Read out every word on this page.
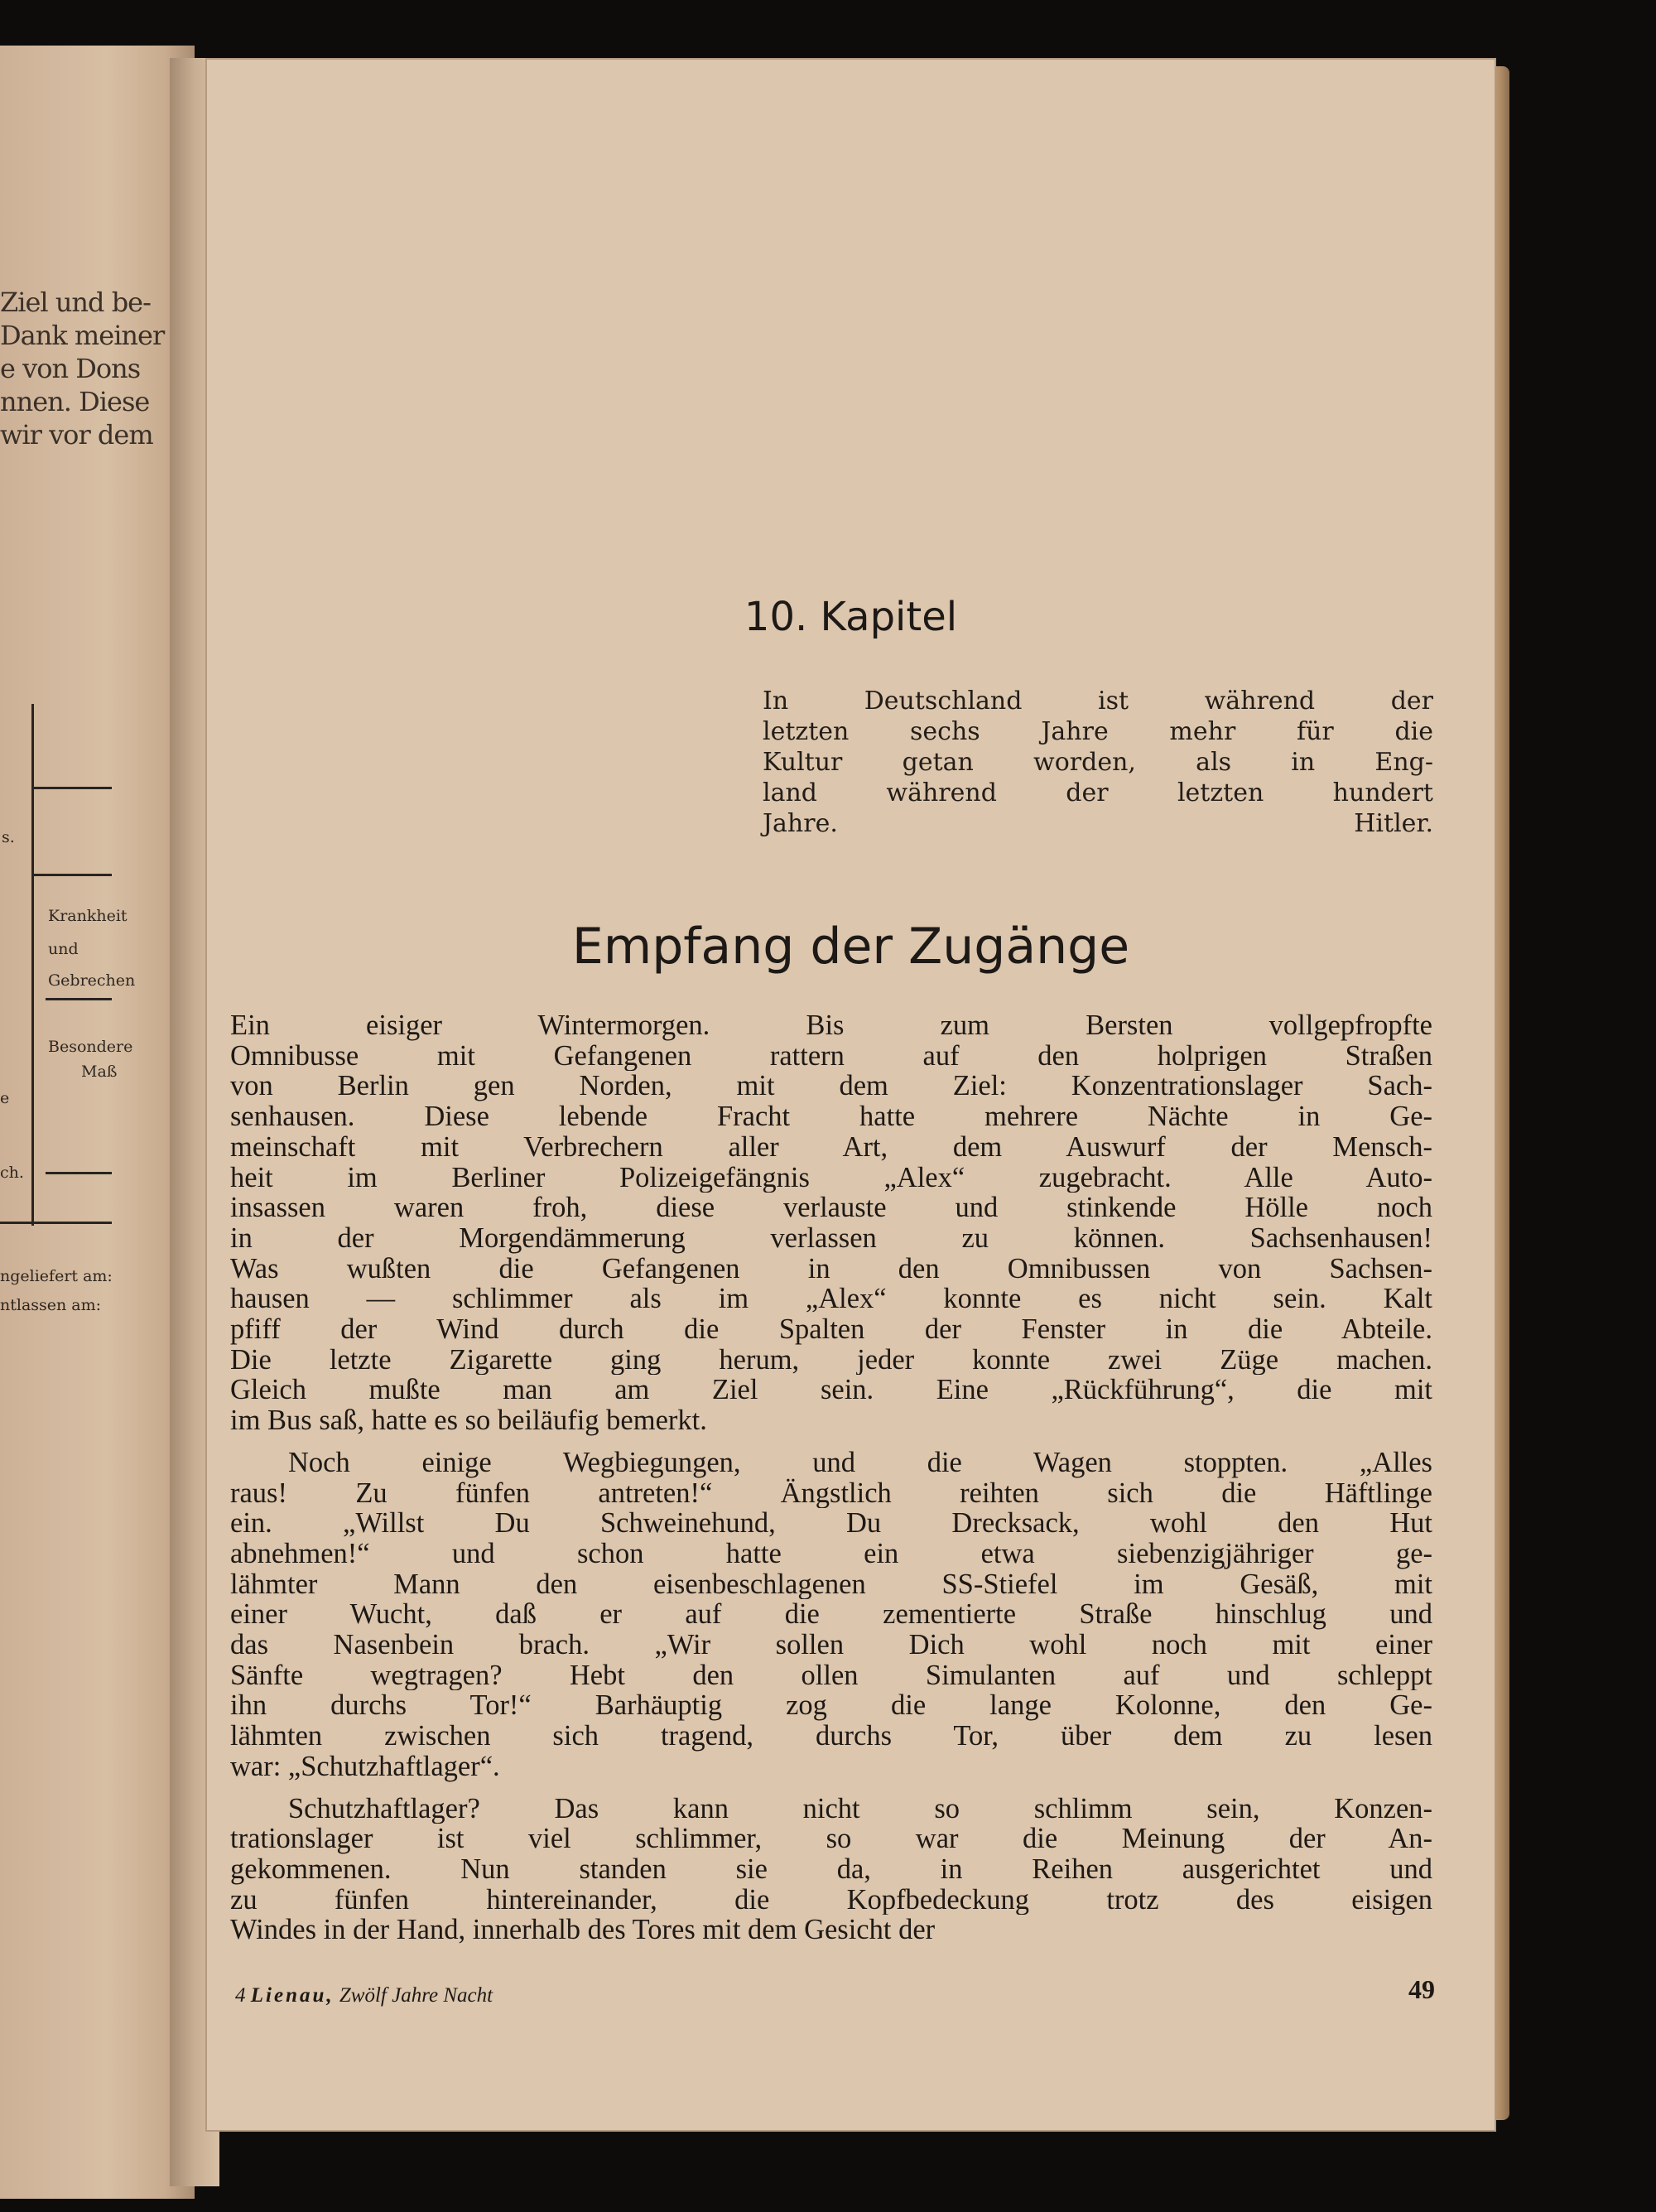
Ziel und be-
Dank meiner
e von Dons
nnen. Diese
wir vor dem
s.
Krankheit
und
Gebrechen
Besondere
Maß
e
ch.
ngeliefert am:
ntlassen am:
10. Kapitel
In Deutschland ist während der
letzten sechs Jahre mehr für die
Kultur getan worden, als in Eng-
land während der letzten hundert
Jahre.	Hitler.
Empfang der Zugänge
Ein eisiger Wintermorgen. Bis zum Bersten vollgepfropfte
Omnibusse mit Gefangenen rattern auf den holprigen Straßen
von Berlin gen Norden, mit dem Ziel: Konzentrationslager Sach-
senhausen. Diese lebende Fracht hatte mehrere Nächte in Ge-
meinschaft mit Verbrechern aller Art, dem Auswurf der Mensch-
heit im Berliner Polizeigefängnis „Alex“ zugebracht. Alle Auto-
insassen waren froh, diese verlauste und stinkende Hölle noch
in der Morgendämmerung verlassen zu können. Sachsenhausen!
Was wußten die Gefangenen in den Omnibussen von Sachsen-
hausen — schlimmer als im „Alex“ konnte es nicht sein. Kalt
pfiff der Wind durch die Spalten der Fenster in die Abteile.
Die letzte Zigarette ging herum, jeder konnte zwei Züge machen.
Gleich mußte man am Ziel sein. Eine „Rückführung“, die mit
im Bus saß, hatte es so beiläufig bemerkt.
Noch einige Wegbiegungen, und die Wagen stoppten. „Alles
raus! Zu fünfen antreten!“ Ängstlich reihten sich die Häftlinge
ein. „Willst Du Schweinehund, Du Drecksack, wohl den Hut
abnehmen!“ und schon hatte ein etwa siebenzigjähriger ge-
lähmter Mann den eisenbeschlagenen SS-Stiefel im Gesäß, mit
einer Wucht, daß er auf die zementierte Straße hinschlug und
das Nasenbein brach. „Wir sollen Dich wohl noch mit einer
Sänfte wegtragen? Hebt den ollen Simulanten auf und schleppt
ihn durchs Tor!“ Barhäuptig zog die lange Kolonne, den Ge-
lähmten zwischen sich tragend, durchs Tor, über dem zu lesen
war: „Schutzhaftlager“.
Schutzhaftlager? Das kann nicht so schlimm sein, Konzen-
trationslager ist viel schlimmer, so war die Meinung der An-
gekommenen. Nun standen sie da, in Reihen ausgerichtet und
zu fünfen hintereinander, die Kopfbedeckung trotz des eisigen
Windes in der Hand, innerhalb des Tores mit dem Gesicht der
4 Lienau, Zwölf Jahre Nacht	49
